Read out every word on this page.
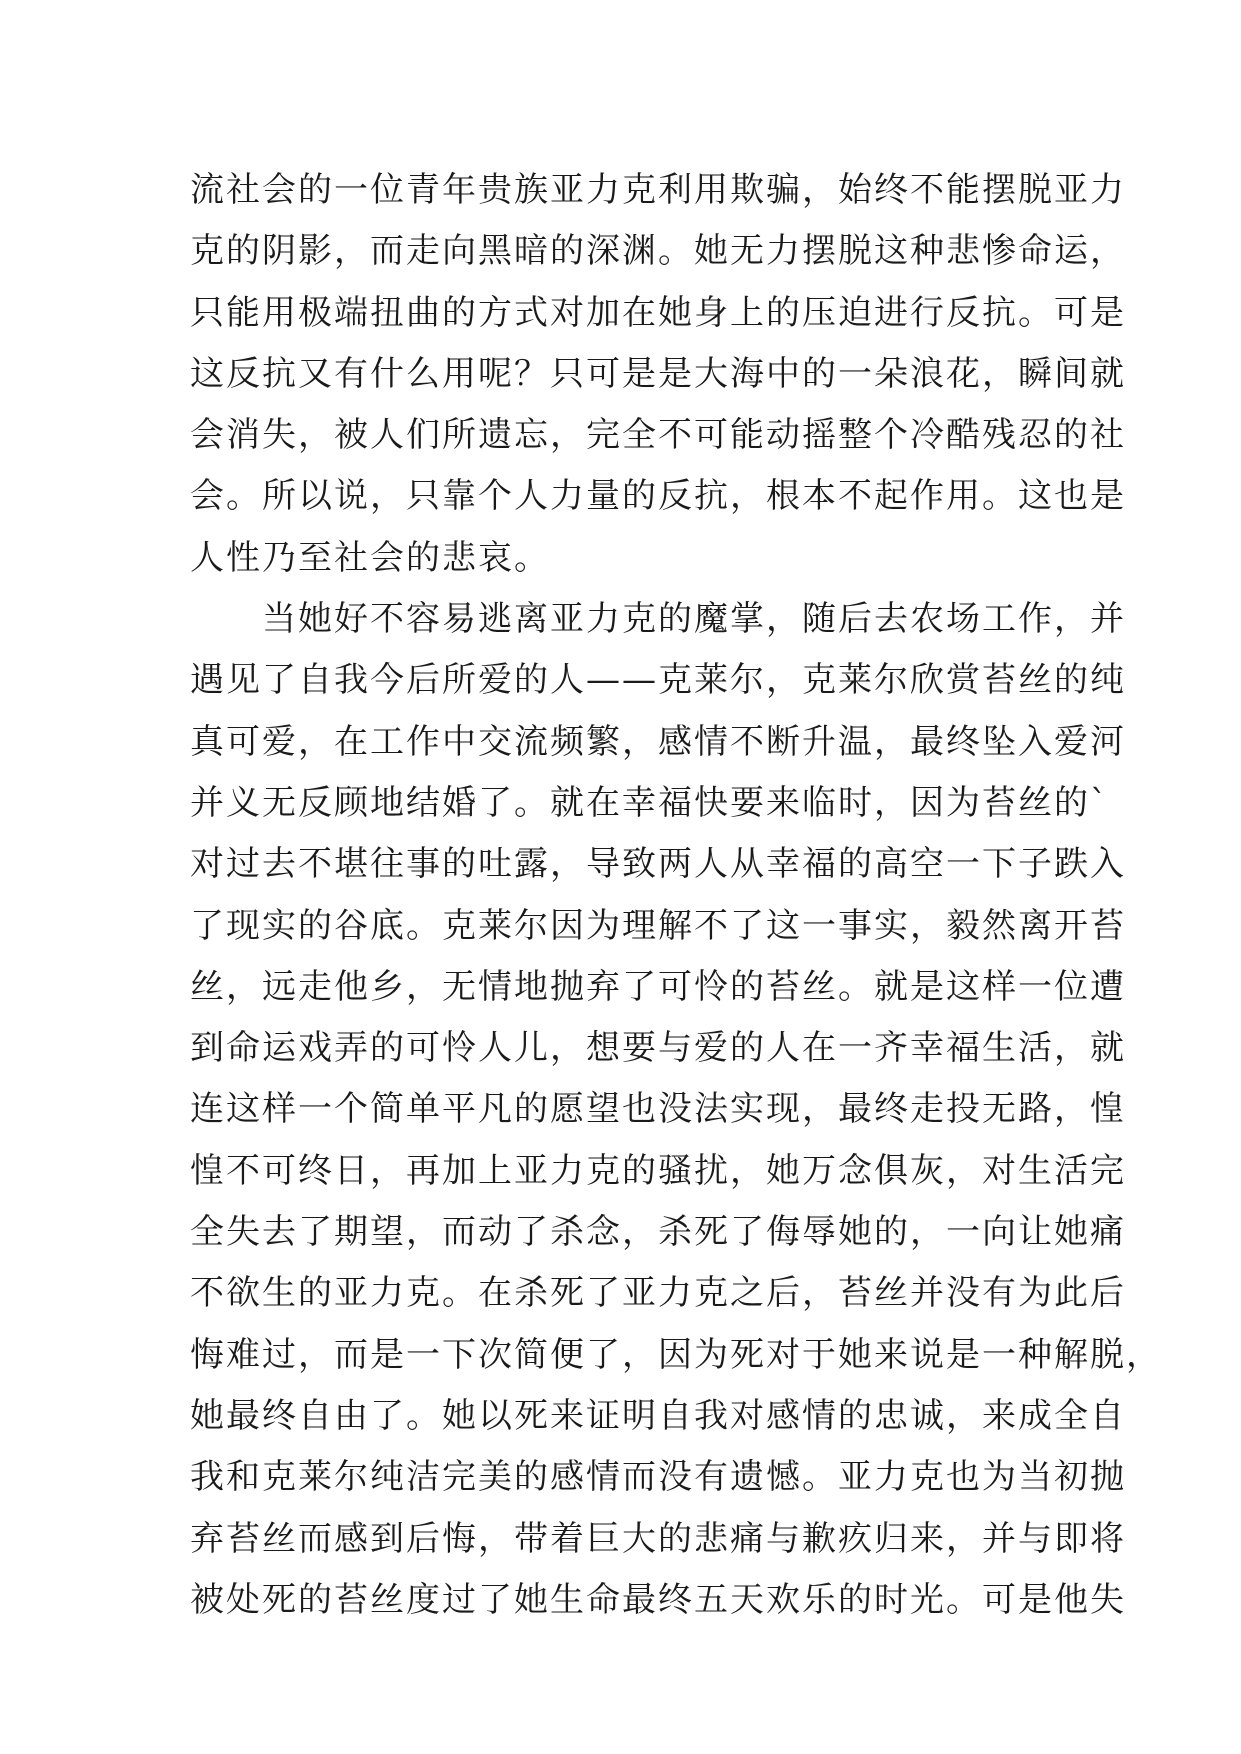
流社会的一位青年贵族亚力克利用欺骗，始终不能摆脱亚力
克的阴影，而走向黑暗的深渊。她无力摆脱这种悲惨命运，
只能用极端扭曲的方式对加在她身上的压迫进行反抗。可是
这反抗又有什么用呢？只可是是大海中的一朵浪花，瞬间就
会消失，被人们所遗忘，完全不可能动摇整个冷酷残忍的社
会。所以说，只靠个人力量的反抗，根本不起作用。这也是
人性乃至社会的悲哀。
　　当她好不容易逃离亚力克的魔掌，随后去农场工作，并
遇见了自我今后所爱的人——克莱尔，克莱尔欣赏苔丝的纯
真可爱，在工作中交流频繁，感情不断升温，最终坠入爱河
并义无反顾地结婚了。就在幸福快要来临时，因为苔丝的`
对过去不堪往事的吐露，导致两人从幸福的高空一下子跌入
了现实的谷底。克莱尔因为理解不了这一事实，毅然离开苔
丝，远走他乡，无情地抛弃了可怜的苔丝。就是这样一位遭
到命运戏弄的可怜人儿，想要与爱的人在一齐幸福生活，就
连这样一个简单平凡的愿望也没法实现，最终走投无路，惶
惶不可终日，再加上亚力克的骚扰，她万念俱灰，对生活完
全失去了期望，而动了杀念，杀死了侮辱她的，一向让她痛
不欲生的亚力克。在杀死了亚力克之后，苔丝并没有为此后
悔难过，而是一下次简便了，因为死对于她来说是一种解脱，
她最终自由了。她以死来证明自我对感情的忠诚，来成全自
我和克莱尔纯洁完美的感情而没有遗憾。亚力克也为当初抛
弃苔丝而感到后悔，带着巨大的悲痛与歉疚归来，并与即将
被处死的苔丝度过了她生命最终五天欢乐的时光。可是他失
